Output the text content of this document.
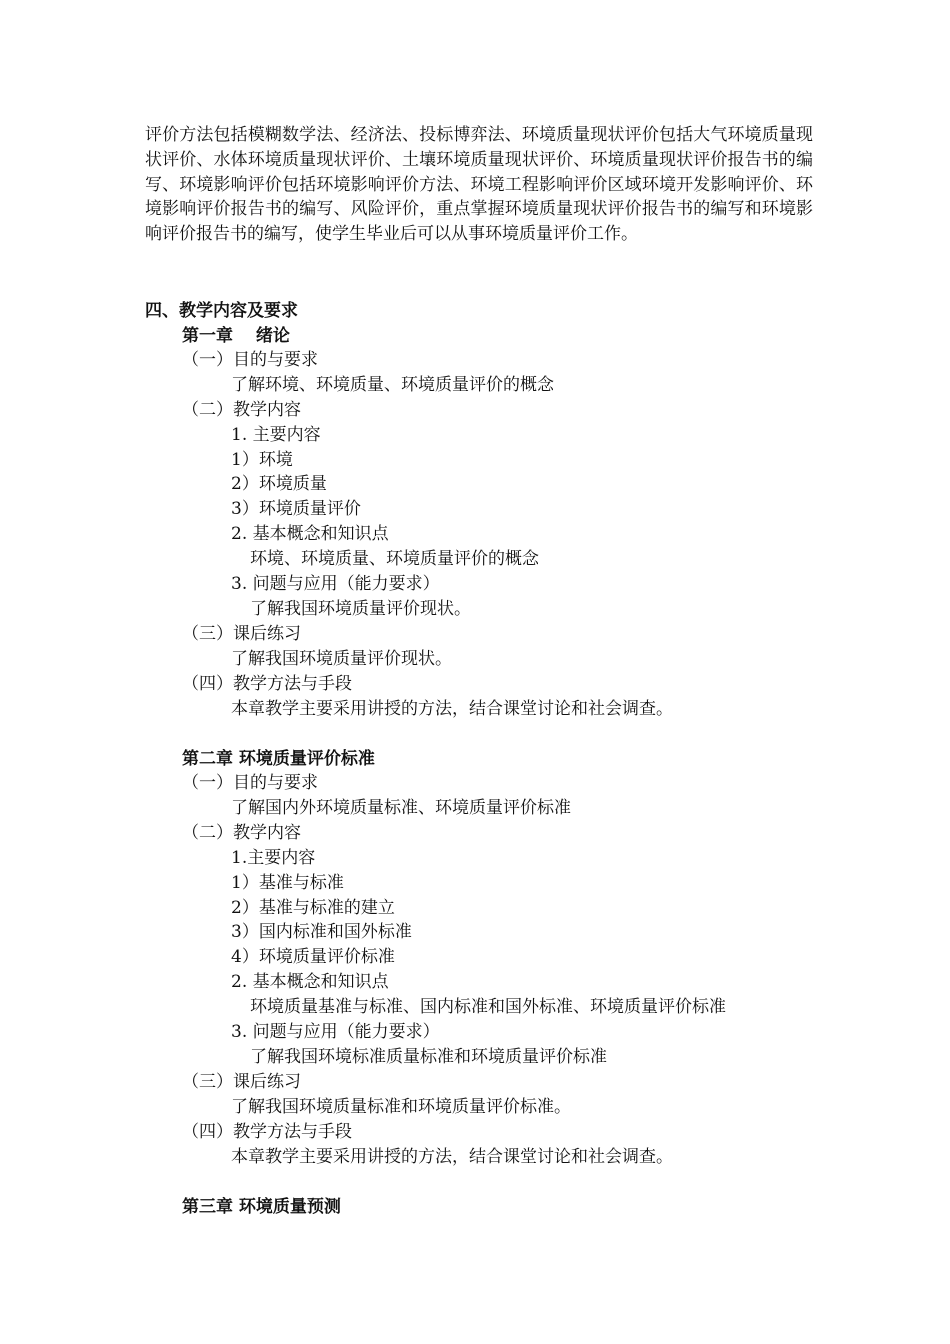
评价方法包括模糊数学法、经济法、投标博弈法、环境质量现状评价包括大气环境质量现状评价、水体环境质量现状评价、土壤环境质量现状评价、环境质量现状评价报告书的编写、环境影响评价包括环境影响评价方法、环境工程影响评价区域环境开发影响评价、环境影响评价报告书的编写、风险评价，重点掌握环境质量现状评价报告书的编写和环境影响评价报告书的编写，使学生毕业后可以从事环境质量评价工作。
四、教学内容及要求
第一章　 绪论
（一）目的与要求
了解环境、环境质量、环境质量评价的概念
（二）教学内容
1. 主要内容
1）环境
2）环境质量
3）环境质量评价
2. 基本概念和知识点
环境、环境质量、环境质量评价的概念
3. 问题与应用（能力要求）
了解我国环境质量评价现状。
（三）课后练习
了解我国环境质量评价现状。
（四）教学方法与手段
本章教学主要采用讲授的方法，结合课堂讨论和社会调查。
第二章 环境质量评价标准
（一）目的与要求
了解国内外环境质量标准、环境质量评价标准
（二）教学内容
1.主要内容
1）基准与标准
2）基准与标准的建立
3）国内标准和国外标准
4）环境质量评价标准
2. 基本概念和知识点
环境质量基准与标准、国内标准和国外标准、环境质量评价标准
3. 问题与应用（能力要求）
了解我国环境标准质量标准和环境质量评价标准
（三）课后练习
了解我国环境质量标准和环境质量评价标准。
（四）教学方法与手段
本章教学主要采用讲授的方法，结合课堂讨论和社会调查。
第三章 环境质量预测
